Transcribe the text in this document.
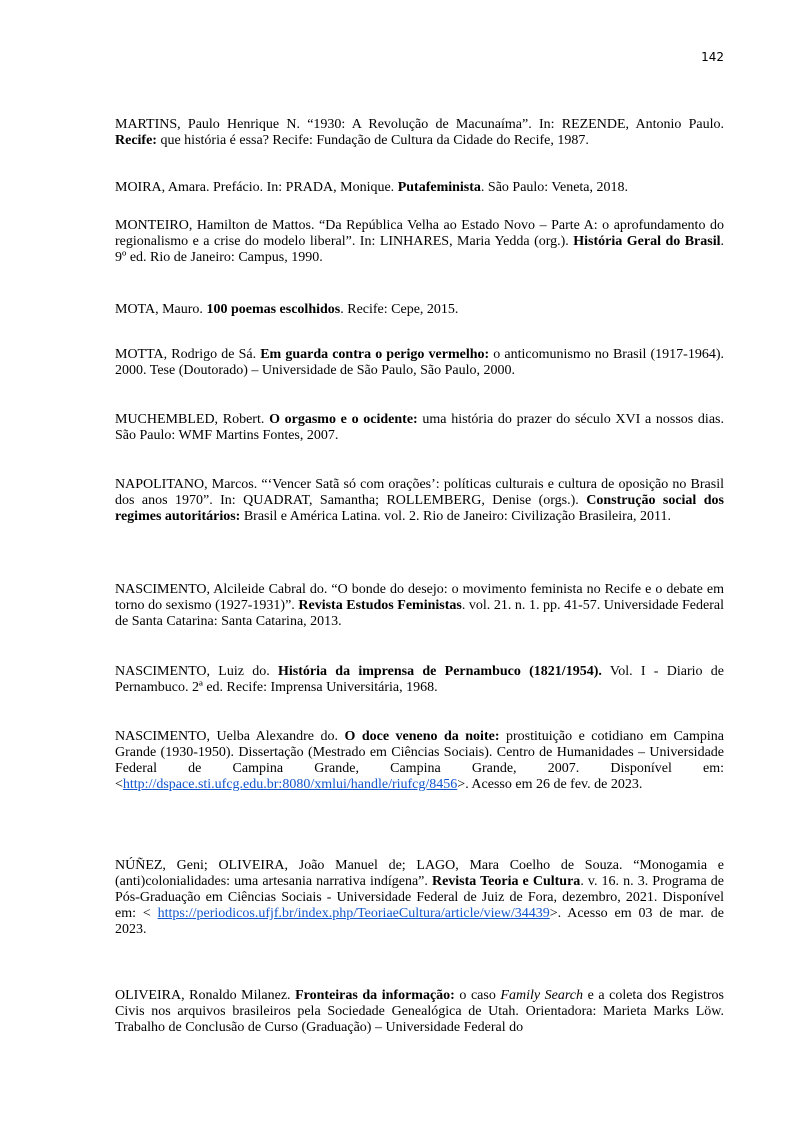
142

MARTINS, Paulo Henrique N. “1930: A Revolução de Macunaíma”. In: REZENDE, Antonio Paulo. Recife: que história é essa? Recife: Fundação de Cultura da Cidade do Recife, 1987.

MOIRA, Amara. Prefácio. In: PRADA, Monique. Putafeminista. São Paulo: Veneta, 2018.

MONTEIRO, Hamilton de Mattos. “Da República Velha ao Estado Novo – Parte A: o aprofundamento do regionalismo e a crise do modelo liberal”. In: LINHARES, Maria Yedda (org.). História Geral do Brasil. 9º ed. Rio de Janeiro: Campus, 1990.

MOTA, Mauro. 100 poemas escolhidos. Recife: Cepe, 2015.

MOTTA, Rodrigo de Sá. Em guarda contra o perigo vermelho: o anticomunismo no Brasil (1917-1964). 2000. Tese (Doutorado) – Universidade de São Paulo, São Paulo, 2000.

MUCHEMBLED, Robert. O orgasmo e o ocidente: uma história do prazer do século XVI a nossos dias. São Paulo: WMF Martins Fontes, 2007.

NAPOLITANO, Marcos. “‘Vencer Satã só com orações’: políticas culturais e cultura de oposição no Brasil dos anos 1970”. In: QUADRAT, Samantha; ROLLEMBERG, Denise (orgs.). Construção social dos regimes autoritários: Brasil e América Latina. vol. 2. Rio de Janeiro: Civilização Brasileira, 2011.

NASCIMENTO, Alcileide Cabral do. “O bonde do desejo: o movimento feminista no Recife e o debate em torno do sexismo (1927-1931)”. Revista Estudos Feministas. vol. 21. n. 1. pp. 41-57. Universidade Federal de Santa Catarina: Santa Catarina, 2013.

NASCIMENTO, Luiz do. História da imprensa de Pernambuco (1821/1954). Vol. I - Diario de Pernambuco. 2ª ed. Recife: Imprensa Universitária, 1968.

NASCIMENTO, Uelba Alexandre do. O doce veneno da noite: prostituição e cotidiano em Campina Grande (1930-1950). Dissertação (Mestrado em Ciências Sociais). Centro de Humanidades – Universidade Federal de Campina Grande, Campina Grande, 2007. Disponível em: <http://dspace.sti.ufcg.edu.br:8080/xmlui/handle/riufcg/8456>. Acesso em 26 de fev. de 2023.

NÚÑEZ, Geni; OLIVEIRA, João Manuel de; LAGO, Mara Coelho de Souza. “Monogamia e (anti)colonialidades: uma artesania narrativa indígena”. Revista Teoria e Cultura. v. 16. n. 3. Programa de Pós-Graduação em Ciências Sociais - Universidade Federal de Juiz de Fora, dezembro, 2021. Disponível em: < https://periodicos.ufjf.br/index.php/TeoriaeCultura/article/view/34439>. Acesso em 03 de mar. de 2023.

OLIVEIRA, Ronaldo Milanez. Fronteiras da informação: o caso Family Search e a coleta dos Registros Civis nos arquivos brasileiros pela Sociedade Genealógica de Utah. Orientadora: Marieta Marks Löw. Trabalho de Conclusão de Curso (Graduação) – Universidade Federal do
